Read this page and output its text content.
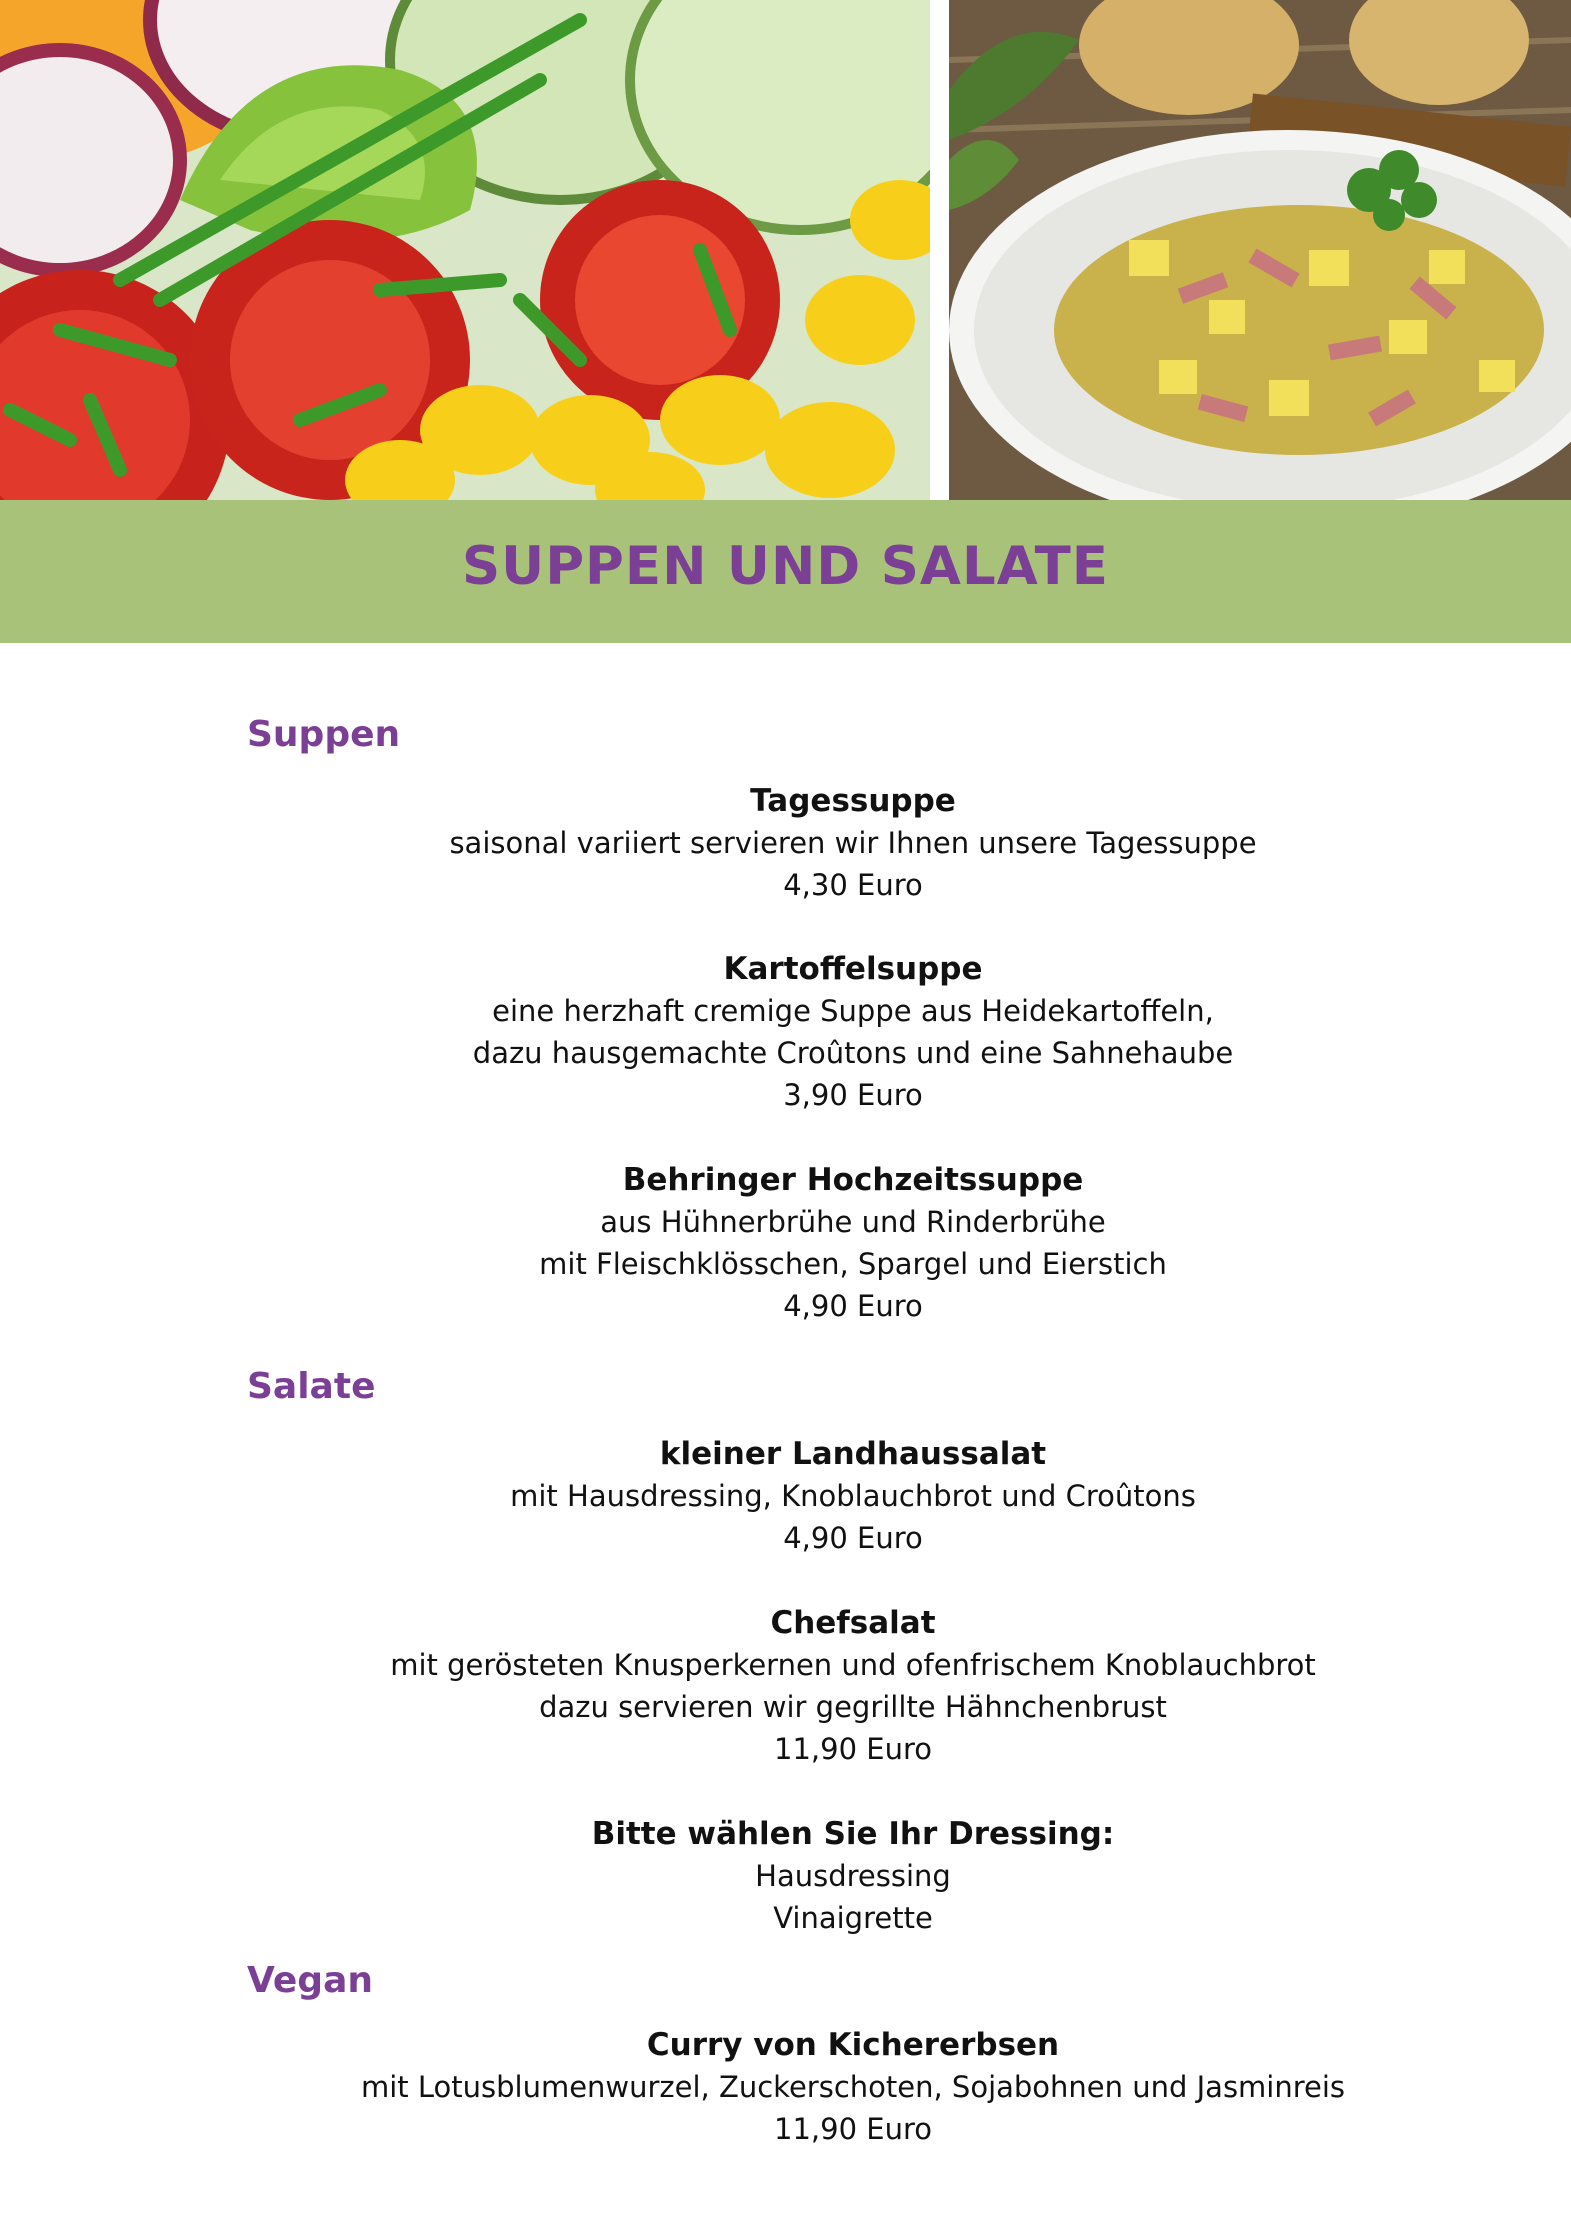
SUPPEN UND SALATE
Suppen
Tagessuppe
saisonal variiert servieren wir Ihnen unsere Tagessuppe
4,30 Euro
Kartoffelsuppe
eine herzhaft cremige Suppe aus Heidekartoffeln,
dazu hausgemachte Croûtons und eine Sahnehaube
3,90 Euro
Behringer Hochzeitssuppe
aus Hühnerbrühe und Rinderbrühe
mit Fleischklösschen, Spargel und Eierstich
4,90 Euro
Salate
kleiner Landhaussalat
mit Hausdressing, Knoblauchbrot und Croûtons
4,90 Euro
Chefsalat
mit gerösteten Knusperkernen und ofenfrischem Knoblauchbrot
dazu servieren wir gegrillte Hähnchenbrust
11,90 Euro
Bitte wählen Sie Ihr Dressing:
Hausdressing
Vinaigrette
Vegan
Curry von Kichererbsen
mit Lotusblumenwurzel, Zuckerschoten, Sojabohnen und Jasminreis
11,90 Euro
